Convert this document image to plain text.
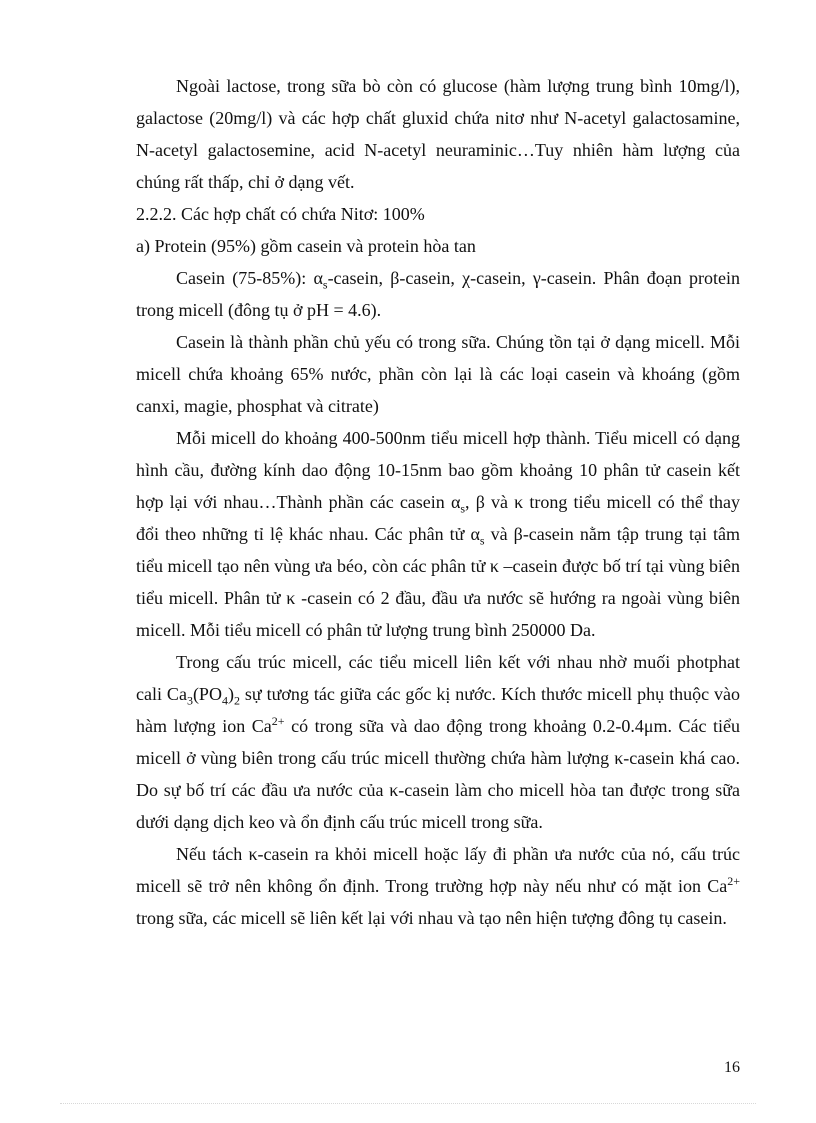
Ngoài lactose, trong sữa bò còn có glucose (hàm lượng trung bình 10mg/l), galactose (20mg/l) và các hợp chất gluxid chứa nitơ như N-acetyl galactosamine, N-acetyl galactosemine, acid N-acetyl neuraminic…Tuy nhiên hàm lượng của chúng rất thấp, chỉ ở dạng vết.

2.2.2. Các hợp chất có chứa Nitơ: 100%

a) Protein (95%) gồm casein và protein hòa tan

Casein (75-85%): $\alpha_s$-casein, β-casein, χ-casein, γ-casein. Phân đoạn protein trong micell (đông tụ ở pH = 4.6).

Casein là thành phần chủ yếu có trong sữa. Chúng tồn tại ở dạng micell. Mỗi micell chứa khoảng 65% nước, phần còn lại là các loại casein và khoáng (gồm canxi, magie, phosphat và citrate)

Mỗi micell do khoảng 400-500nm tiểu micell hợp thành. Tiểu micell có dạng hình cầu, đường kính dao động 10-15nm bao gồm khoảng 10 phân tử casein kết hợp lại với nhau…Thành phần các casein $\alpha_s$, β và κ trong tiểu micell có thể thay đổi theo những tỉ lệ khác nhau. Các phân tử $\alpha_s$ và β-casein nằm tập trung tại tâm tiểu micell tạo nên vùng ưa béo, còn các phân tử κ –casein được bố trí tại vùng biên tiểu micell. Phân tử κ -casein có 2 đầu, đầu ưa nước sẽ hướng ra ngoài vùng biên micell. Mỗi tiểu micell có phân tử lượng trung bình 250000 Da.

Trong cấu trúc micell, các tiểu micell liên kết với nhau nhờ muối photphat cali $Ca_3(PO_4)_2$ sự tương tác giữa các gốc kị nước. Kích thước micell phụ thuộc vào hàm lượng ion $Ca^{2+}$ có trong sữa và dao động trong khoảng 0.2-0.4μm. Các tiểu micell ở vùng biên trong cấu trúc micell thường chứa hàm lượng κ-casein khá cao. Do sự bố trí các đầu ưa nước của κ-casein làm cho micell hòa tan được trong sữa dưới dạng dịch keo và ổn định cấu trúc micell trong sữa.

Nếu tách κ-casein ra khỏi micell hoặc lấy đi phần ưa nước của nó, cấu trúc micell sẽ trở nên không ổn định. Trong trường hợp này nếu như có mặt ion $Ca^{2+}$ trong sữa, các micell sẽ liên kết lại với nhau và tạo nên hiện tượng đông tụ casein.

16
